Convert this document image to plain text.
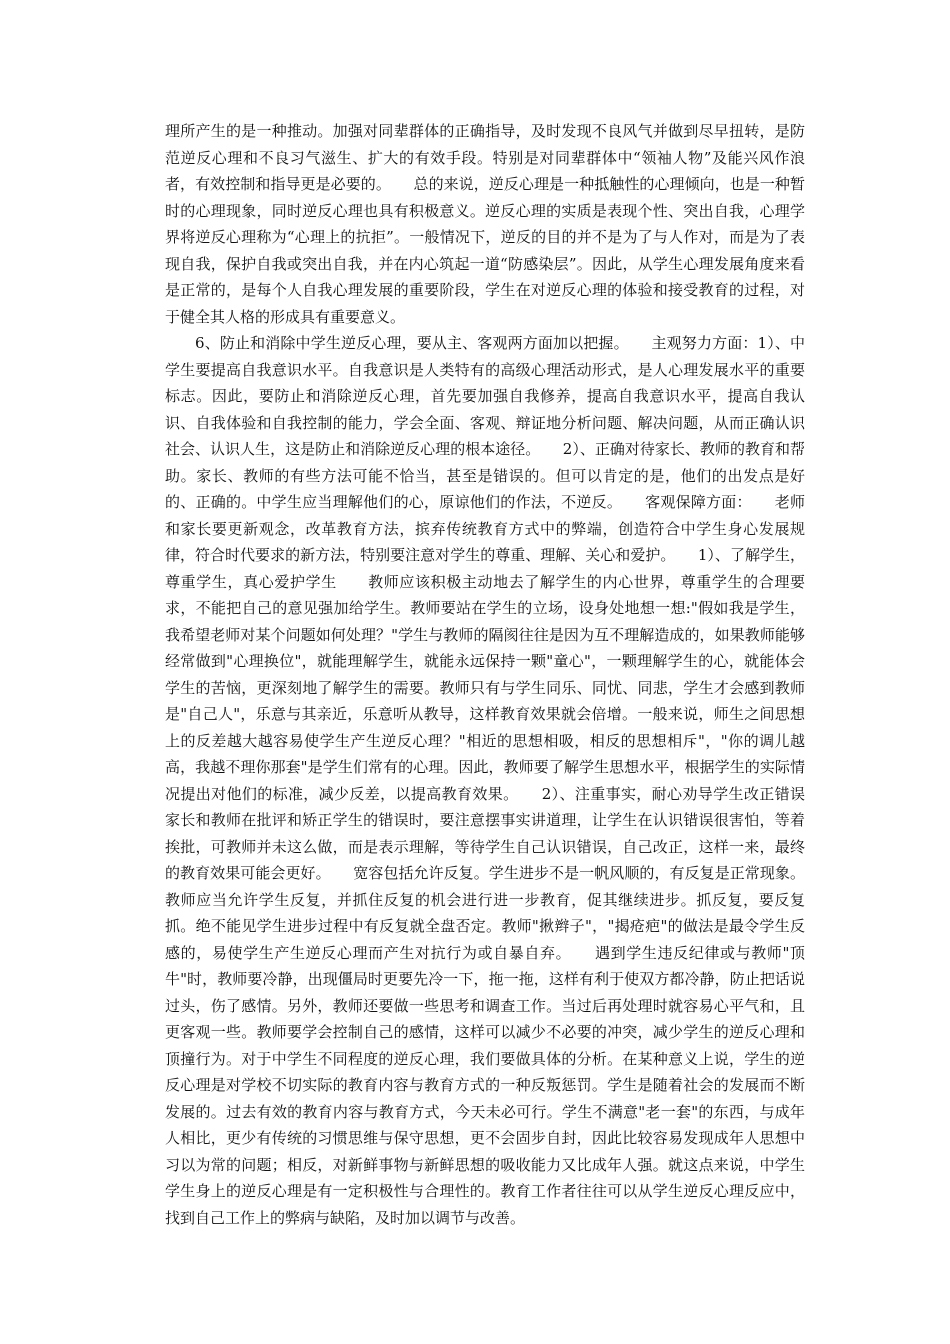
理所产生的是一种推动。加强对同辈群体的正确指导，及时发现不良风气并做到尽早扭转，是防范逆反心理和不良习气滋生、扩大的有效手段。特别是对同辈群体中“领袖人物”及能兴风作浪者，有效控制和指导更是必要的。　　总的来说，逆反心理是一种抵触性的心理倾向，也是一种暂时的心理现象，同时逆反心理也具有积极意义。逆反心理的实质是表现个性、突出自我，心理学界将逆反心理称为“心理上的抗拒”。一般情况下，逆反的目的并不是为了与人作对，而是为了表现自我，保护自我或突出自我，并在内心筑起一道“防感染层”。因此，从学生心理发展角度来看是正常的，是每个人自我心理发展的重要阶段，学生在对逆反心理的体验和接受教育的过程，对于健全其人格的形成具有重要意义。

6、防止和消除中学生逆反心理，要从主、客观两方面加以把握。　　主观努力方面：1）、中学生要提高自我意识水平。自我意识是人类特有的高级心理活动形式，是人心理发展水平的重要标志。因此，要防止和消除逆反心理，首先要加强自我修养，提高自我意识水平，提高自我认识、自我体验和自我控制的能力，学会全面、客观、辩证地分析问题、解决问题，从而正确认识社会、认识人生，这是防止和消除逆反心理的根本途径。　　2）、正确对待家长、教师的教育和帮助。家长、教师的有些方法可能不恰当，甚至是错误的。但可以肯定的是，他们的出发点是好的、正确的。中学生应当理解他们的心，原谅他们的作法，不逆反。　　客观保障方面：　　老师和家长要更新观念，改革教育方法，摈弃传统教育方式中的弊端，创造符合中学生身心发展规律，符合时代要求的新方法，特别要注意对学生的尊重、理解、关心和爱护。　　1）、了解学生，尊重学生，真心爱护学生　　教师应该积极主动地去了解学生的内心世界，尊重学生的合理要求，不能把自己的意见强加给学生。教师要站在学生的立场，设身处地想一想:"假如我是学生，我希望老师对某个问题如何处理？"学生与教师的隔阂往往是因为互不理解造成的，如果教师能够经常做到"心理换位"，就能理解学生，就能永远保持一颗"童心"，一颗理解学生的心，就能体会学生的苦恼，更深刻地了解学生的需要。教师只有与学生同乐、同忧、同悲，学生才会感到教师是"自己人"，乐意与其亲近，乐意听从教导，这样教育效果就会倍增。一般来说，师生之间思想上的反差越大越容易使学生产生逆反心理？"相近的思想相吸，相反的思想相斥"，"你的调儿越高，我越不理你那套"是学生们常有的心理。因此，教师要了解学生思想水平，根据学生的实际情况提出对他们的标准，减少反差，以提高教育效果。　　2）、注重事实，耐心劝导学生改正错误　　家长和教师在批评和矫正学生的错误时，要注意摆事实讲道理，让学生在认识错误很害怕，等着挨批，可教师并未这么做，而是表示理解，等待学生自己认识错误，自己改正，这样一来，最终的教育效果可能会更好。　　宽容包括允许反复。学生进步不是一帆风顺的，有反复是正常现象。教师应当允许学生反复，并抓住反复的机会进行进一步教育，促其继续进步。抓反复，要反复抓。绝不能见学生进步过程中有反复就全盘否定。教师"揪辫子"，"揭疮疤"的做法是最令学生反感的，易使学生产生逆反心理而产生对抗行为或自暴自弃。　　遇到学生违反纪律或与教师"顶牛"时，教师要冷静，出现僵局时更要先冷一下，拖一拖，这样有利于使双方都冷静，防止把话说过头，伤了感情。另外，教师还要做一些思考和调查工作。当过后再处理时就容易心平气和，且更客观一些。教师要学会控制自己的感情，这样可以减少不必要的冲突，减少学生的逆反心理和顶撞行为。对于中学生不同程度的逆反心理，我们要做具体的分析。在某种意义上说，学生的逆反心理是对学校不切实际的教育内容与教育方式的一种反叛惩罚。学生是随着社会的发展而不断发展的。过去有效的教育内容与教育方式，今天未必可行。学生不满意"老一套"的东西，与成年人相比，更少有传统的习惯思维与保守思想，更不会固步自封，因此比较容易发现成年人思想中习以为常的问题；相反，对新鲜事物与新鲜思想的吸收能力又比成年人强。就这点来说，中学生学生身上的逆反心理是有一定积极性与合理性的。教育工作者往往可以从学生逆反心理反应中，找到自己工作上的弊病与缺陷，及时加以调节与改善。
